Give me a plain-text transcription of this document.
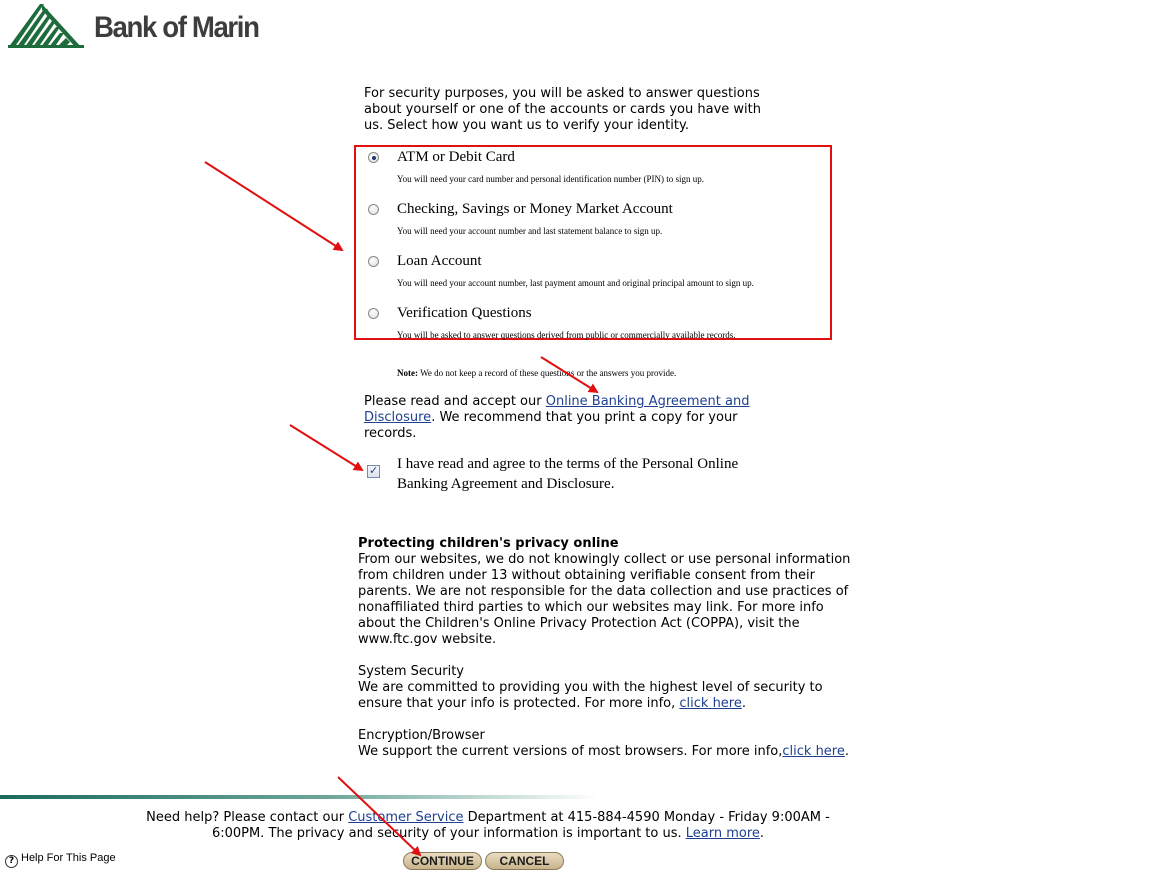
Bank of Marin
For security purposes, you will be asked to answer questions about yourself or one of the accounts or cards you have with us. Select how you want us to verify your identity.
ATM or Debit Card
You will need your card number and personal identification number (PIN) to sign up.
Checking, Savings or Money Market Account
You will need your account number and last statement balance to sign up.
Loan Account
You will need your account number, last payment amount and original principal amount to sign up.
Verification Questions
You will be asked to answer questions derived from public or commercially available records.
Note: We do not keep a record of these questions or the answers you provide.
Please read and accept our Online Banking Agreement and Disclosure. We recommend that you print a copy for your records.
✓ I have read and agree to the terms of the Personal Online Banking Agreement and Disclosure.

Protecting children's privacy online

From our websites, we do not knowingly collect or use personal information from children under 13 without obtaining verifiable consent from their parents. We are not responsible for the data collection and use practices of nonaffiliated third parties to which our websites may link. For more info about the Children's Online Privacy Protection Act (COPPA), visit the www.ftc.gov website.

System Security

We are committed to providing you with the highest level of security to ensure that your info is protected. For more info, click here.

Encryption/Browser

We support the current versions of most browsers. For more info,click here.

Need help? Please contact our Customer Service Department at 415-884-4590 Monday - Friday 9:00AM - 6:00PM. The privacy and security of your information is important to us. Learn more.
? Help For This Page	CONTINUE	CANCEL
